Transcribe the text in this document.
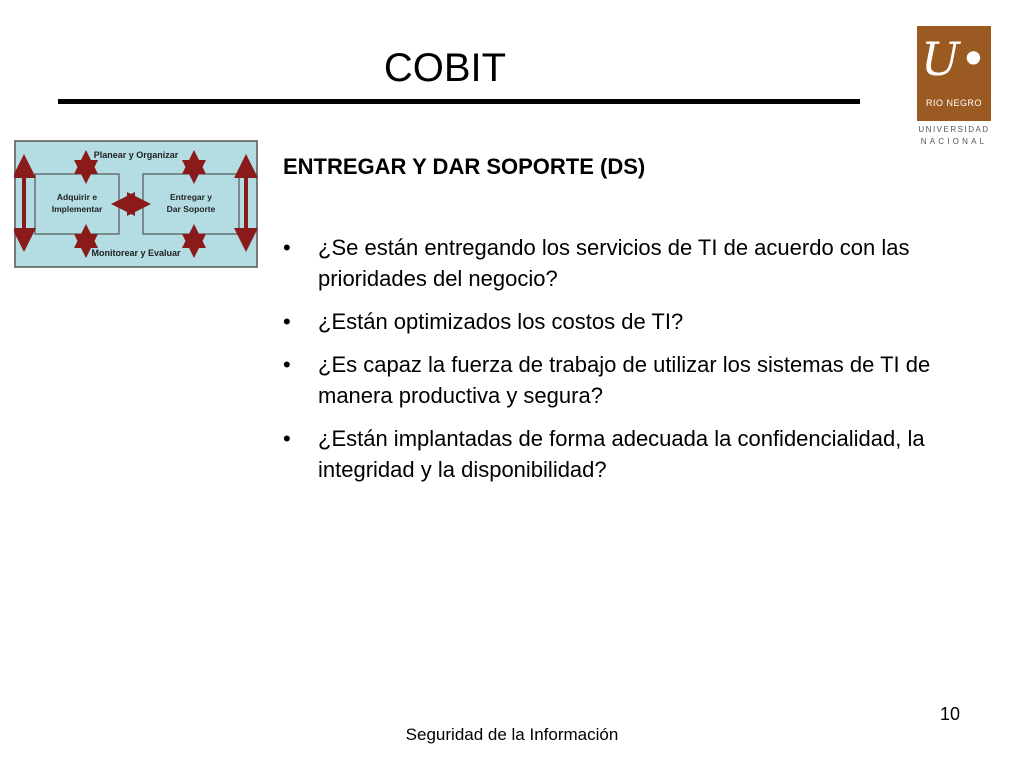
COBIT	U•
RIO NEGRO
UNIVERSIDAD
NACIONAL
Planear y Organizar
Monitorear y Evaluar
Adquirir e
Implementar
Entregar y
Dar Soporte
ENTREGAR Y DAR SOPORTE (DS)
• ¿Se están entregando los servicios de TI de acuerdo con las prioridades del negocio?
• ¿Están optimizados los costos de TI?
• ¿Es capaz la fuerza de trabajo de utilizar los sistemas de TI de manera productiva y segura?
• ¿Están implantadas de forma adecuada la confidencialidad, la integridad y la disponibilidad?
10
Seguridad de la Información
